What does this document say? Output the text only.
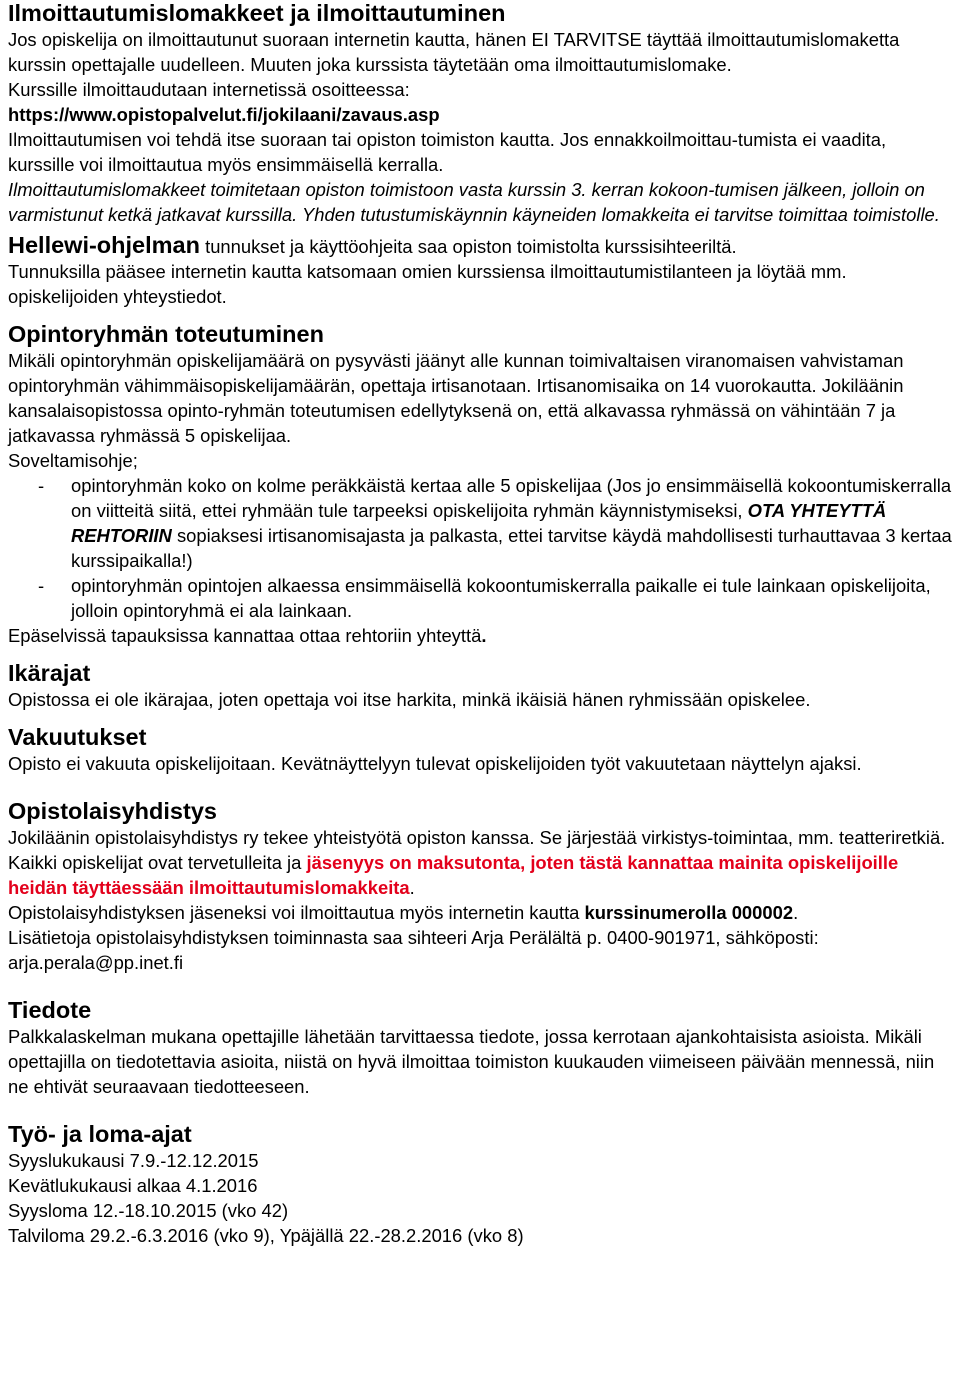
Ilmoittautumislomakkeet ja ilmoittautuminen

Jos opiskelija on ilmoittautunut suoraan internetin kautta, hänen EI TARVITSE täyttää ilmoittautumislomaketta kurssin opettajalle uudelleen. Muuten joka kurssista täytetään oma ilmoittautumislomake.

Kurssille ilmoittaudutaan internetissä osoitteessa:

https://www.opistopalvelut.fi/jokilaani/zavaus.asp

Ilmoittautumisen voi tehdä itse suoraan tai opiston toimiston kautta. Jos ennakkoilmoittau-tumista ei vaadita, kurssille voi ilmoittautua myös ensimmäisellä kerralla.

Ilmoittautumislomakkeet toimitetaan opiston toimistoon vasta kurssin 3. kerran kokoon-tumisen jälkeen, jolloin on varmistunut ketkä jatkavat kurssilla. Yhden tutustumiskäynnin käyneiden lomakkeita ei tarvitse toimittaa toimistolle.

Hellewi-ohjelman tunnukset ja käyttöohjeita saa opiston toimistolta kurssisihteeriltä.

Tunnuksilla pääsee internetin kautta katsomaan omien kurssiensa ilmoittautumistilanteen ja löytää mm. opiskelijoiden yhteystiedot.

Opintoryhmän toteutuminen

Mikäli opintoryhmän opiskelijamäärä on pysyvästi jäänyt alle kunnan toimivaltaisen viranomaisen vahvistaman opintoryhmän vähimmäisopiskelijamäärän, opettaja irtisanotaan. Irtisanomisaika on 14 vuorokautta. Jokiläänin kansalaisopistossa opinto-ryhmän toteutumisen edellytyksenä on, että alkavassa ryhmässä on vähintään 7 ja jatkavassa ryhmässä 5 opiskelijaa.

Soveltamisohje;

- opintoryhmän koko on kolme peräkkäistä kertaa alle 5 opiskelijaa (Jos jo ensimmäisellä kokoontumiskerralla on viitteitä siitä, ettei ryhmään tule tarpeeksi opiskelijoita ryhmän käynnistymiseksi, OTA YHTEYTTÄ REHTORIIN sopiaksesi irtisanomisajasta ja palkasta, ettei tarvitse käydä mahdollisesti turhauttavaa 3 kertaa kurssipaikalla!)
- opintoryhmän opintojen alkaessa ensimmäisellä kokoontumiskerralla paikalle ei tule lainkaan opiskelijoita, jolloin opintoryhmä ei ala lainkaan.

Epäselvissä tapauksissa kannattaa ottaa rehtoriin yhteyttä.

Ikärajat

Opistossa ei ole ikärajaa, joten opettaja voi itse harkita, minkä ikäisiä hänen ryhmissään opiskelee.

Vakuutukset

Opisto ei vakuuta opiskelijoitaan. Kevätnäyttelyyn tulevat opiskelijoiden työt vakuutetaan näyttelyn ajaksi.

Opistolaisyhdistys

Jokiläänin opistolaisyhdistys ry tekee yhteistyötä opiston kanssa. Se järjestää virkistys-toimintaa, mm. teatteriretkiä. Kaikki opiskelijat ovat tervetulleita ja jäsenyys on maksutonta, joten tästä kannattaa mainita opiskelijoille heidän täyttäessään ilmoittautumislomakkeita.

Opistolaisyhdistyksen jäseneksi voi ilmoittautua myös internetin kautta kurssinumerolla 000002.

Lisätietoja opistolaisyhdistyksen toiminnasta saa sihteeri Arja Perälältä p. 0400-901971, sähköposti: arja.perala@pp.inet.fi

Tiedote

Palkkalaskelman mukana opettajille lähetään tarvittaessa tiedote, jossa kerrotaan ajankohtaisista asioista. Mikäli opettajilla on tiedotettavia asioita, niistä on hyvä ilmoittaa toimiston kuukauden viimeiseen päivään mennessä, niin ne ehtivät seuraavaan tiedotteeseen.

Työ- ja loma-ajat

Syyslukukausi 7.9.-12.12.2015

Kevätlukukausi alkaa 4.1.2016

Syysloma 12.-18.10.2015 (vko 42)

Talviloma 29.2.-6.3.2016 (vko 9), Ypäjällä 22.-28.2.2016 (vko 8)
